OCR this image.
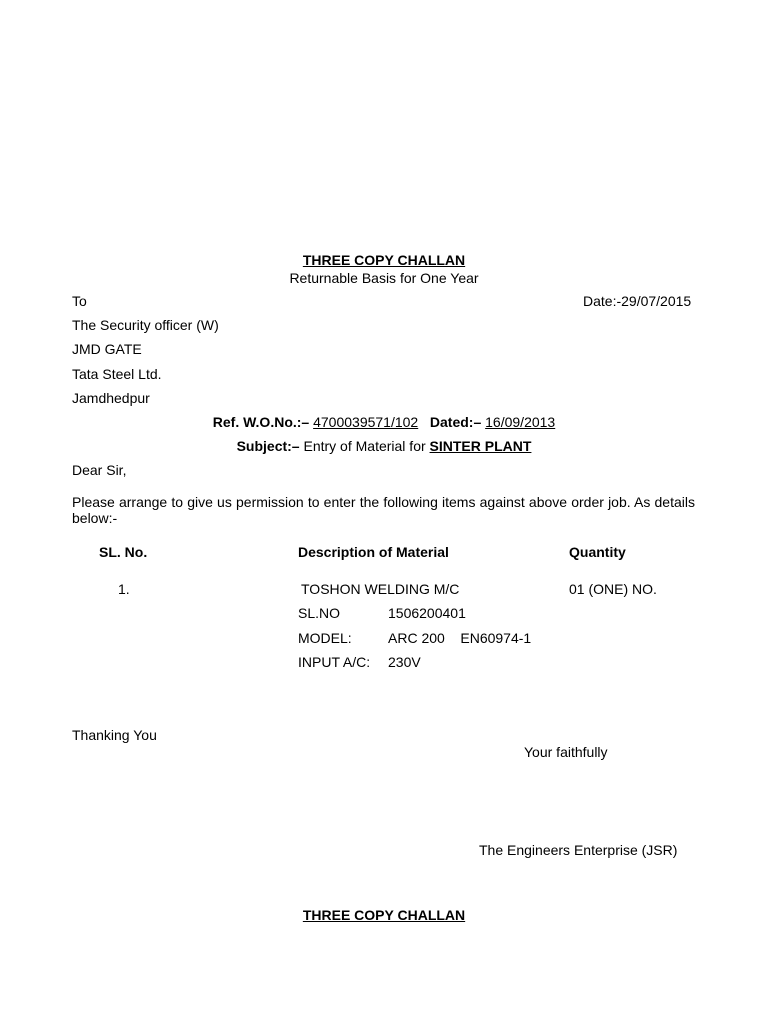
THREE COPY CHALLAN
Returnable Basis for One Year
To	Date:-29/07/2015
The Security officer (W)
JMD GATE
Tata Steel Ltd.
Jamdhedpur
Ref. W.O.No.:– 4700039571/102 Dated:– 16/09/2013
Subject:– Entry of Material for SINTER PLANT
Dear Sir,
Please arrange to give us permission to enter the following items against above order job. As details below:-
SL. No.	Description of Material	Quantity
1.	TOSHON WELDING M/C	01 (ONE) NO.
SL.NO	1506200401
MODEL:	ARC 200    EN60974-1
INPUT A/C: 230V
Thanking You
Your faithfully
The Engineers Enterprise (JSR)
THREE COPY CHALLAN
